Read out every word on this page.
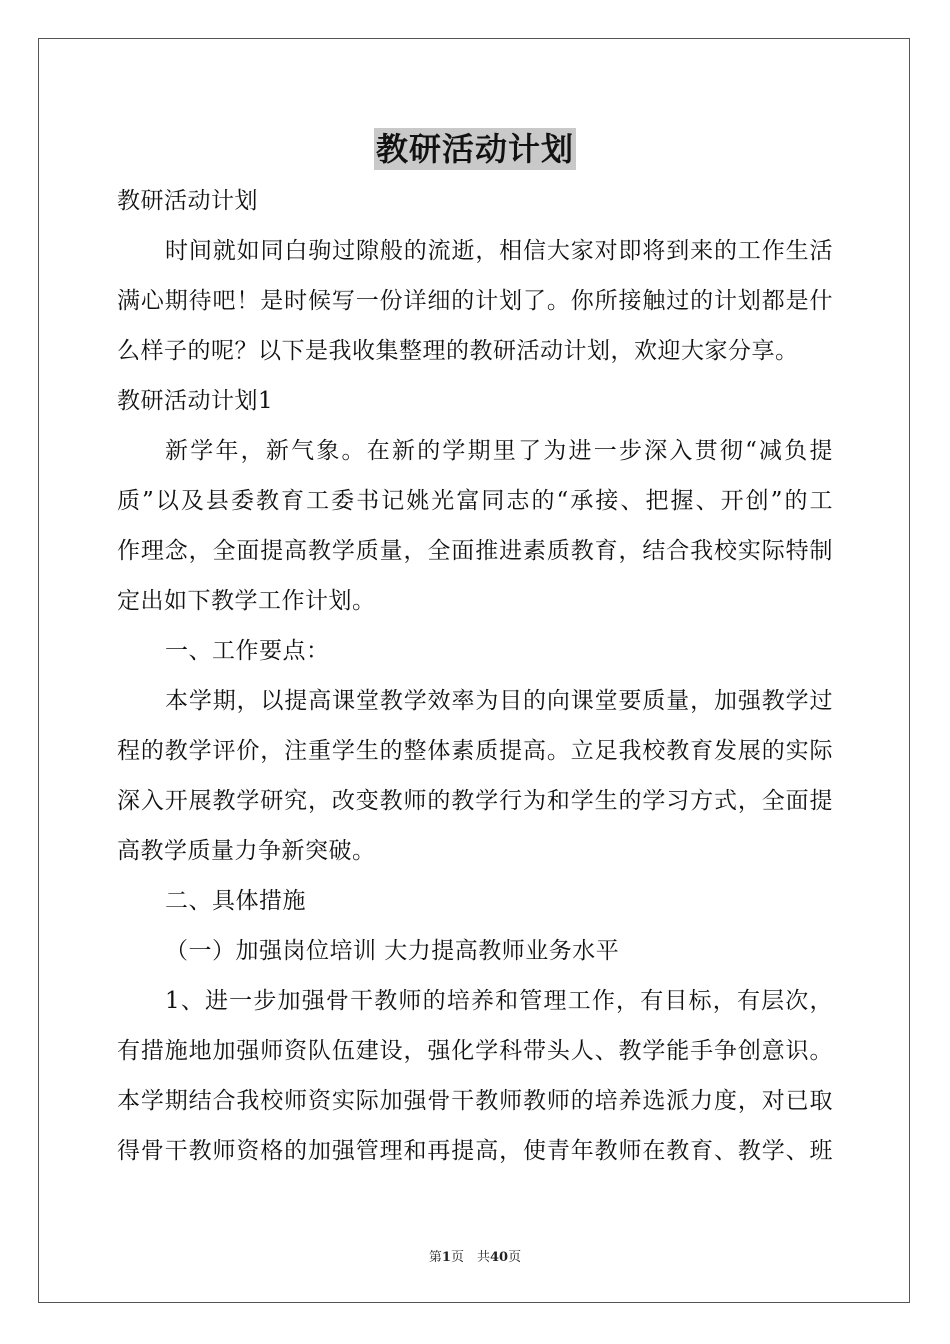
教研活动计划
教研活动计划
时间就如同白驹过隙般的流逝，相信大家对即将到来的工作生活
满心期待吧！是时候写一份详细的计划了。你所接触过的计划都是什
么样子的呢？以下是我收集整理的教研活动计划，欢迎大家分享。
教研活动计划1
新学年，新气象。在新的学期里了为进一步深入贯彻“减负提
质”以及县委教育工委书记姚光富同志的“承接、把握、开创”的工
作理念，全面提高教学质量，全面推进素质教育，结合我校实际特制
定出如下教学工作计划。
一、工作要点：
本学期，以提高课堂教学效率为目的向课堂要质量，加强教学过
程的教学评价，注重学生的整体素质提高。立足我校教育发展的实际
深入开展教学研究，改变教师的教学行为和学生的学习方式，全面提
高教学质量力争新突破。
二、具体措施
（一）加强岗位培训 大力提高教师业务水平
1、进一步加强骨干教师的培养和管理工作，有目标，有层次，
有措施地加强师资队伍建设，强化学科带头人、教学能手争创意识。
本学期结合我校师资实际加强骨干教师教师的培养选派力度，对已取
得骨干教师资格的加强管理和再提高，使青年教师在教育、教学、班
第1页　共40页
